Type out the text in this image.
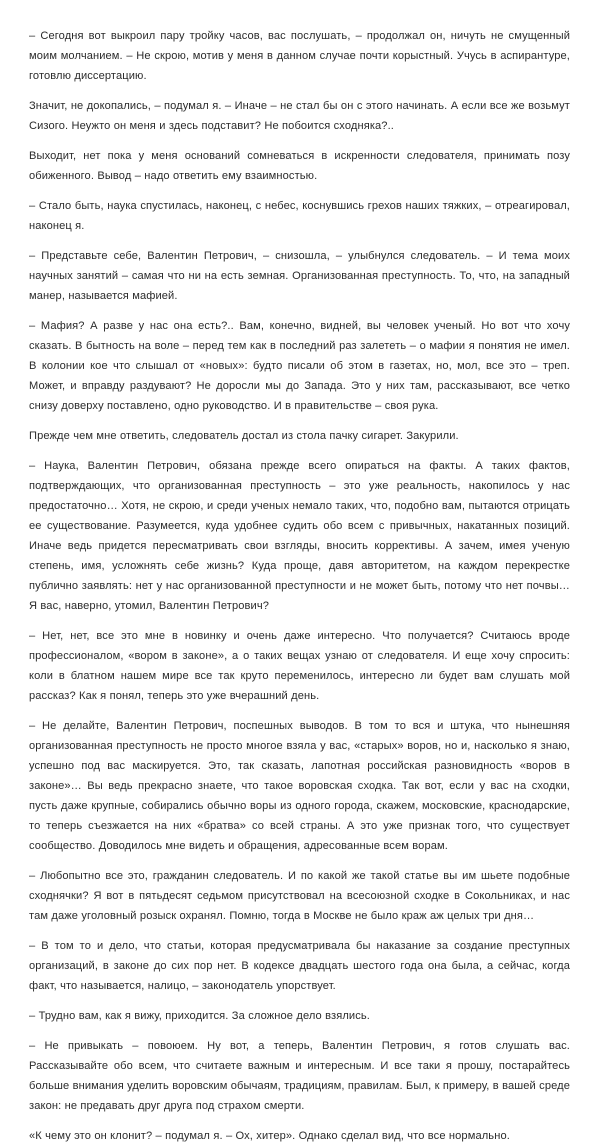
– Сегодня вот выкроил пару тройку часов, вас послушать, – продолжал он, ничуть не смущенный моим молчанием. – Не скрою, мотив у меня в данном случае почти корыстный. Учусь в аспирантуре, готовлю диссертацию.

Значит, не докопались, – подумал я. – Иначе – не стал бы он с этого начинать. А если все же возьмут Сизого. Неужто он меня и здесь подставит? Не побоится сходняка?..

Выходит, нет пока у меня оснований сомневаться в искренности следователя, принимать позу обиженного. Вывод – надо ответить ему взаимностью.

– Стало быть, наука спустилась, наконец, с небес, коснувшись грехов наших тяжких, – отреагировал, наконец я.

– Представьте себе, Валентин Петрович, – снизошла, – улыбнулся следователь. – И тема моих научных занятий – самая что ни на есть земная. Организованная преступность. То, что, на западный манер, называется мафией.

– Мафия? А разве у нас она есть?.. Вам, конечно, видней, вы человек ученый. Но вот что хочу сказать. В бытность на воле – перед тем как в последний раз залететь – о мафии я понятия не имел. В колонии кое что слышал от «новых»: будто писали об этом в газетах, но, мол, все это – треп. Может, и вправду раздувают? Не доросли мы до Запада. Это у них там, рассказывают, все четко снизу доверху поставлено, одно руководство. И в правительстве – своя рука.

Прежде чем мне ответить, следователь достал из стола пачку сигарет. Закурили.

– Наука, Валентин Петрович, обязана прежде всего опираться на факты. А таких фактов, подтверждающих, что организованная преступность – это уже реальность, накопилось у нас предостаточно… Хотя, не скрою, и среди ученых немало таких, что, подобно вам, пытаются отрицать ее существование. Разумеется, куда удобнее судить обо всем с привычных, накатанных позиций. Иначе ведь придется пересматривать свои взгляды, вносить коррективы. А зачем, имея ученую степень, имя, усложнять себе жизнь? Куда проще, давя авторитетом, на каждом перекрестке публично заявлять: нет у нас организованной преступности и не может быть, потому что нет почвы… Я вас, наверно, утомил, Валентин Петрович?

– Нет, нет, все это мне в новинку и очень даже интересно. Что получается? Считаюсь вроде профессионалом, «вором в законе», а о таких вещах узнаю от следователя. И еще хочу спросить: коли в блатном нашем мире все так круто переменилось, интересно ли будет вам слушать мой рассказ? Как я понял, теперь это уже вчерашний день.

– Не делайте, Валентин Петрович, поспешных выводов. В том то вся и штука, что нынешняя организованная преступность не просто многое взяла у вас, «старых» воров, но и, насколько я знаю, успешно под вас маскируется. Это, так сказать, лапотная российская разновидность «воров в законе»… Вы ведь прекрасно знаете, что такое воровская сходка. Так вот, если у вас на сходки, пусть даже крупные, собирались обычно воры из одного города, скажем, московские, краснодарские, то теперь съезжается на них «братва» со всей страны. А это уже признак того, что существует сообщество. Доводилось мне видеть и обращения, адресованные всем ворам.

– Любопытно все это, гражданин следователь. И по какой же такой статье вы им шьете подобные сходнячки? Я вот в пятьдесят седьмом присутствовал на всесоюзной сходке в Сокольниках, и нас там даже уголовный розыск охранял. Помню, тогда в Москве не было краж аж целых три дня…

– В том то и дело, что статьи, которая предусматривала бы наказание за создание преступных организаций, в законе до сих пор нет. В кодексе двадцать шестого года она была, а сейчас, когда факт, что называется, налицо, – законодатель упорствует.

– Трудно вам, как я вижу, приходится. За сложное дело взялись.

– Не привыкать – повоюем. Ну вот, а теперь, Валентин Петрович, я готов слушать вас. Рассказывайте обо всем, что считаете важным и интересным. И все таки я прошу, постарайтесь больше внимания уделить воровским обычаям, традициям, правилам. Был, к примеру, в вашей среде закон: не предавать друг друга под страхом смерти.

«К чему это он клонит? – подумал я. – Ох, хитер». Однако сделал вид, что все нормально.
